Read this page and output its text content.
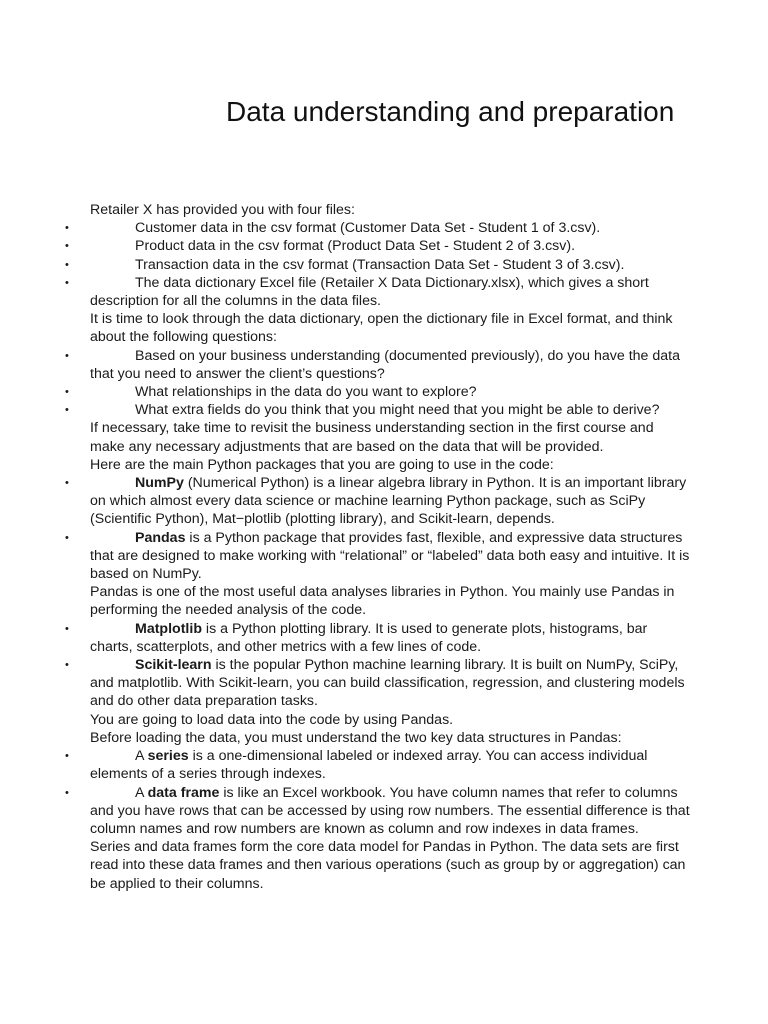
Data understanding and preparation

Retailer X has provided you with four files:

•	Customer data in the csv format (Customer Data Set - Student 1 of 3.csv).

•	Product data in the csv format (Product Data Set - Student 2 of 3.csv).

•	Transaction data in the csv format (Transaction Data Set - Student 3 of 3.csv).

•	The data dictionary Excel file (Retailer X Data Dictionary.xlsx), which gives a short description for all the columns in the data files.

It is time to look through the data dictionary, open the dictionary file in Excel format, and think about the following questions:

•	Based on your business understanding (documented previously), do you have the data that you need to answer the client’s questions?

•	What relationships in the data do you want to explore?

•	What extra fields do you think that you might need that you might be able to derive?

If necessary, take time to revisit the business understanding section in the first course and make any necessary adjustments that are based on the data that will be provided.

Here are the main Python packages that you are going to use in the code:

•	NumPy (Numerical Python) is a linear algebra library in Python. It is an important library on which almost every data science or machine learning Python package, such as SciPy (Scientific Python), Mat−plotlib (plotting library), and Scikit-learn, depends.

•	Pandas is a Python package that provides fast, flexible, and expressive data structures that are designed to make working with “relational” or “labeled” data both easy and intuitive. It is based on NumPy.

Pandas is one of the most useful data analyses libraries in Python. You mainly use Pandas in performing the needed analysis of the code.

•	Matplotlib is a Python plotting library. It is used to generate plots, histograms, bar charts, scatterplots, and other metrics with a few lines of code.

•	Scikit-learn is the popular Python machine learning library. It is built on NumPy, SciPy, and matplotlib. With Scikit-learn, you can build classification, regression, and clustering models and do other data preparation tasks.

You are going to load data into the code by using Pandas.

Before loading the data, you must understand the two key data structures in Pandas:

•	A series is a one-dimensional labeled or indexed array. You can access individual elements of a series through indexes.

•	A data frame is like an Excel workbook. You have column names that refer to columns and you have rows that can be accessed by using row numbers. The essential difference is that column names and row numbers are known as column and row indexes in data frames.

Series and data frames form the core data model for Pandas in Python. The data sets are first read into these data frames and then various operations (such as group by or aggregation) can be applied to their columns.
